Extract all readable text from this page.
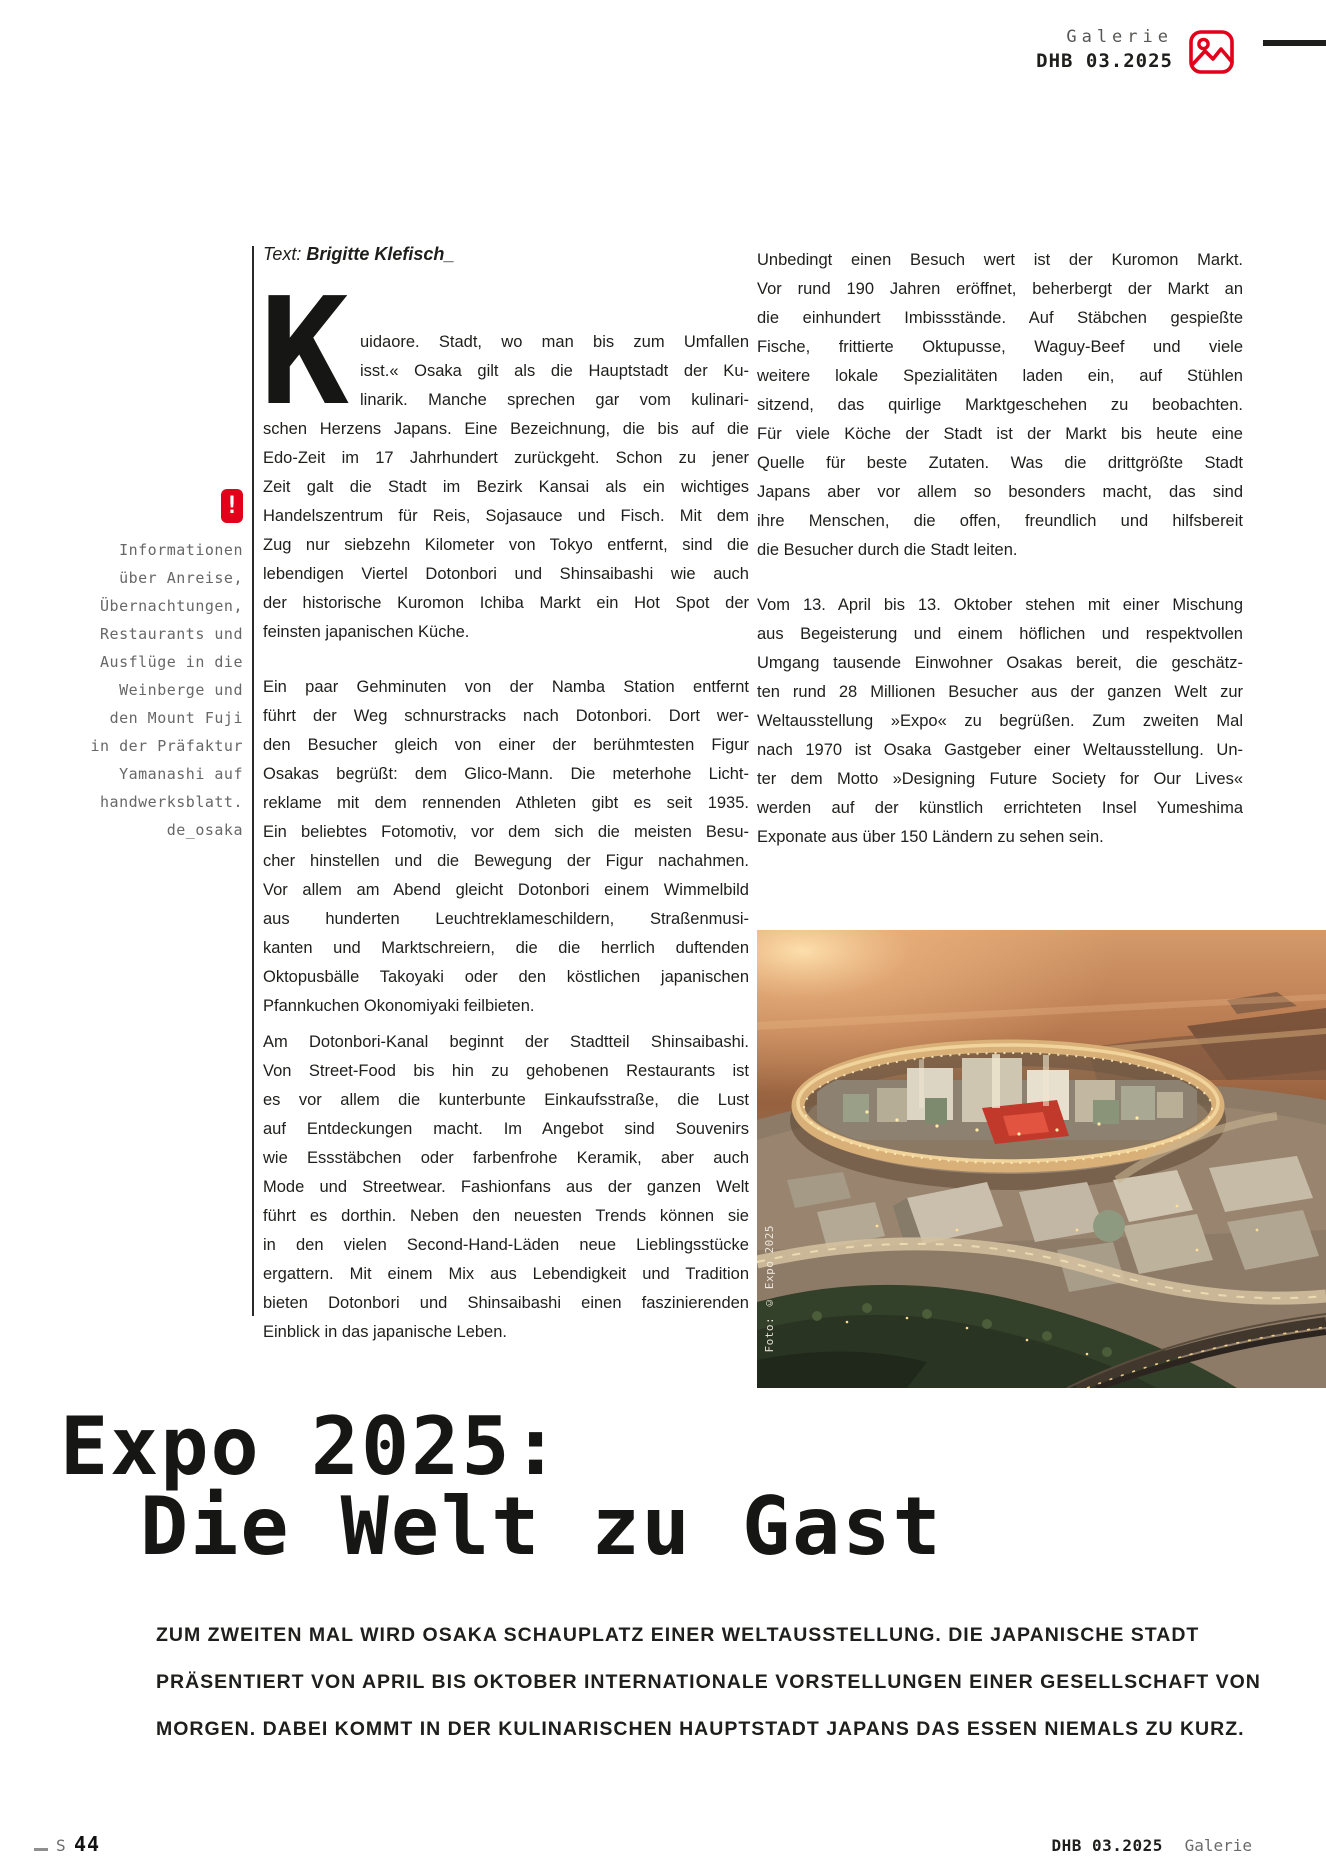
Galerie
DHB 03.2025
!
Informationen
über Anreise,
Übernachtungen,
Restaurants und
Ausflüge in die
Weinberge und
den Mount Fuji
in der Präfaktur
Yamanashi auf
handwerksblatt.
de_osaka
Text: Brigitte Klefisch_
K uidaore. Stadt, wo man bis zum Umfallen
isst.« Osaka gilt als die Hauptstadt der Ku-
linarik. Manche sprechen gar vom kulinari-
schen Herzens Japans. Eine Bezeichnung, die bis auf die
Edo-Zeit im 17 Jahrhundert zurückgeht. Schon zu jener
Zeit galt die Stadt im Bezirk Kansai als ein wichtiges
Handelszentrum für Reis, Sojasauce und Fisch. Mit dem
Zug nur siebzehn Kilometer von Tokyo entfernt, sind die
lebendigen Viertel Dotonbori und Shinsaibashi wie auch
der historische Kuromon Ichiba Markt ein Hot Spot der
feinsten japanischen Küche.
Ein paar Gehminuten von der Namba Station entfernt
führt der Weg schnurstracks nach Dotonbori. Dort wer-
den Besucher gleich von einer der berühmtesten Figur
Osakas begrüßt: dem Glico-Mann. Die meterhohe Licht-
reklame mit dem rennenden Athleten gibt es seit 1935.
Ein beliebtes Fotomotiv, vor dem sich die meisten Besu-
cher hinstellen und die Bewegung der Figur nachahmen.
Vor allem am Abend gleicht Dotonbori einem Wimmelbild
aus hunderten Leuchtreklameschildern, Straßenmusi-
kanten und Marktschreiern, die die herrlich duftenden
Oktopusbälle Takoyaki oder den köstlichen japanischen
Pfannkuchen Okonomiyaki feilbieten.
Am Dotonbori-Kanal beginnt der Stadtteil Shinsaibashi.
Von Street-Food bis hin zu gehobenen Restaurants ist
es vor allem die kunterbunte Einkaufsstraße, die Lust
auf Entdeckungen macht. Im Angebot sind Souvenirs
wie Essstäbchen oder farbenfrohe Keramik, aber auch
Mode und Streetwear. Fashionfans aus der ganzen Welt
führt es dorthin. Neben den neuesten Trends können sie
in den vielen Second-Hand-Läden neue Lieblingsstücke
ergattern. Mit einem Mix aus Lebendigkeit und Tradition
bieten Dotonbori und Shinsaibashi einen faszinierenden
Einblick in das japanische Leben.
Unbedingt einen Besuch wert ist der Kuromon Markt.
Vor rund 190 Jahren eröffnet, beherbergt der Markt an
die einhundert Imbissstände. Auf Stäbchen gespießte
Fische, frittierte Oktupusse, Waguy-Beef und viele
weitere lokale Spezialitäten laden ein, auf Stühlen
sitzend, das quirlige Marktgeschehen zu beobachten.
Für viele Köche der Stadt ist der Markt bis heute eine
Quelle für beste Zutaten. Was die drittgrößte Stadt
Japans aber vor allem so besonders macht, das sind
ihre Menschen, die offen, freundlich und hilfsbereit
die Besucher durch die Stadt leiten.
Vom 13. April bis 13. Oktober stehen mit einer Mischung
aus Begeisterung und einem höflichen und respektvollen
Umgang tausende Einwohner Osakas bereit, die geschätz-
ten rund 28 Millionen Besucher aus der ganzen Welt zur
Weltausstellung »Expo« zu begrüßen. Zum zweiten Mal
nach 1970 ist Osaka Gastgeber einer Weltausstellung. Un-
ter dem Motto »Designing Future Society for Our Lives«
werden auf der künstlich errichteten Insel Yumeshima
Exponate aus über 150 Ländern zu sehen sein.
Foto: © Expo 2025
Expo 2025:
Die Welt zu Gast
ZUM ZWEITEN MAL WIRD OSAKA SCHAUPLATZ EINER WELTAUSSTELLUNG. DIE JAPANISCHE STADT
PRÄSENTIERT VON APRIL BIS OKTOBER INTERNATIONALE VORSTELLUNGEN EINER GESELLSCHAFT VON
MORGEN. DABEI KOMMT IN DER KULINARISCHEN HAUPTSTADT JAPANS DAS ESSEN NIEMALS ZU KURZ.
S 44	DHB 03.2025 Galerie
